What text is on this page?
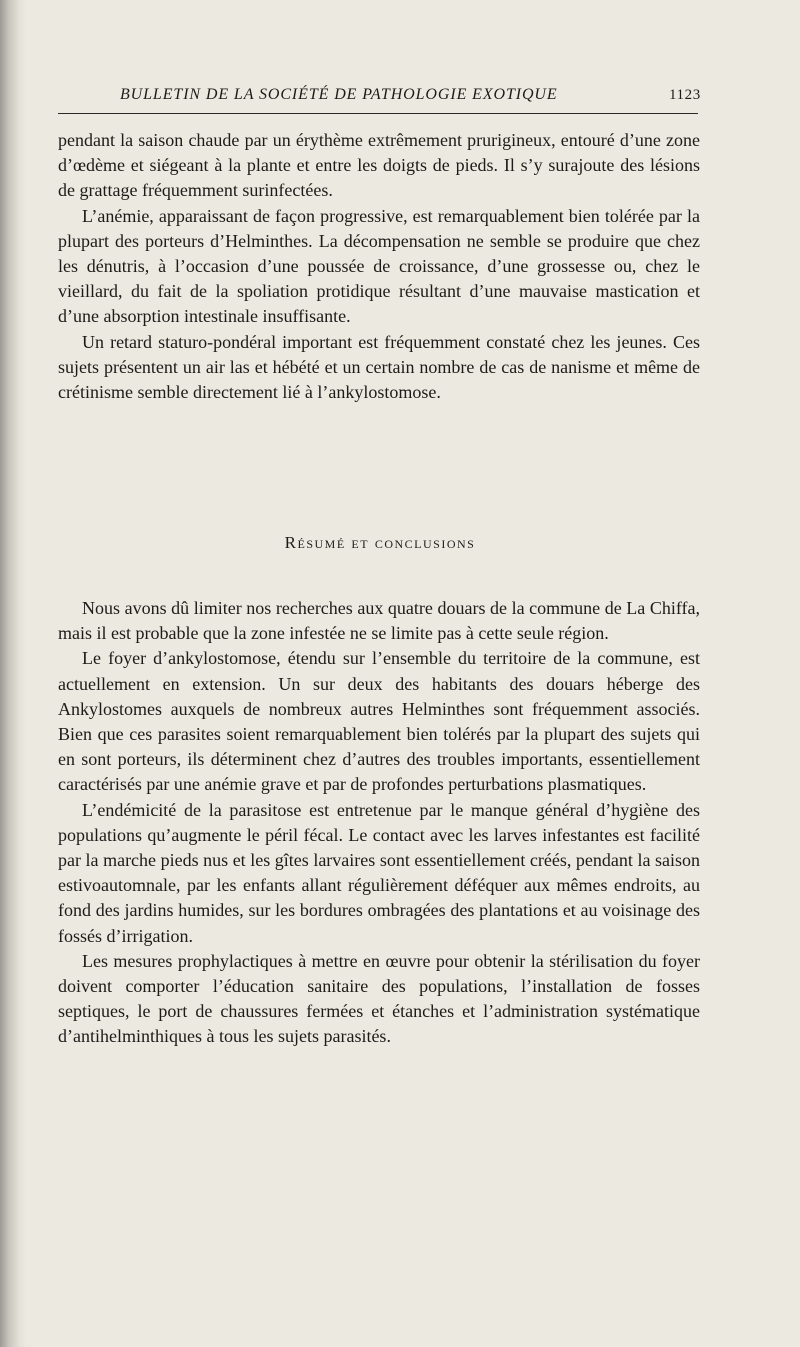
BULLETIN DE LA SOCIÉTÉ DE PATHOLOGIE EXOTIQUE	1123

pendant la saison chaude par un érythème extrêmement prurigineux, entouré d’une zone d’œdème et siégeant à la plante et entre les doigts de pieds. Il s’y surajoute des lésions de grattage fréquemment surinfectées.

L’anémie, apparaissant de façon progressive, est remarquablement bien tolérée par la plupart des porteurs d’Helminthes. La décompensation ne semble se produire que chez les dénutris, à l’occasion d’une poussée de croissance, d’une grossesse ou, chez le vieillard, du fait de la spoliation protidique résultant d’une mauvaise mastication et d’une absorption intestinale insuffisante.

Un retard staturo-pondéral important est fréquemment constaté chez les jeunes. Ces sujets présentent un air las et hébété et un certain nombre de cas de nanisme et même de crétinisme semble directement lié à l’ankylostomose.

Résumé et conclusions

Nous avons dû limiter nos recherches aux quatre douars de la commune de La Chiffa, mais il est probable que la zone infestée ne se limite pas à cette seule région.

Le foyer d’ankylostomose, étendu sur l’ensemble du territoire de la commune, est actuellement en extension. Un sur deux des habitants des douars héberge des Ankylostomes auxquels de nombreux autres Helminthes sont fréquemment associés. Bien que ces parasites soient remarquablement bien tolérés par la plupart des sujets qui en sont porteurs, ils déterminent chez d’autres des troubles importants, essentiellement caractérisés par une anémie grave et par de profondes perturbations plasmatiques.

L’endémicité de la parasitose est entretenue par le manque général d’hygiène des populations qu’augmente le péril fécal. Le contact avec les larves infestantes est facilité par la marche pieds nus et les gîtes larvaires sont essentiellement créés, pendant la saison estivoautomnale, par les enfants allant régulièrement déféquer aux mêmes endroits, au fond des jardins humides, sur les bordures ombragées des plantations et au voisinage des fossés d’irrigation.

Les mesures prophylactiques à mettre en œuvre pour obtenir la stérilisation du foyer doivent comporter l’éducation sanitaire des populations, l’installation de fosses septiques, le port de chaussures fermées et étanches et l’administration systématique d’antihelminthiques à tous les sujets parasités.
